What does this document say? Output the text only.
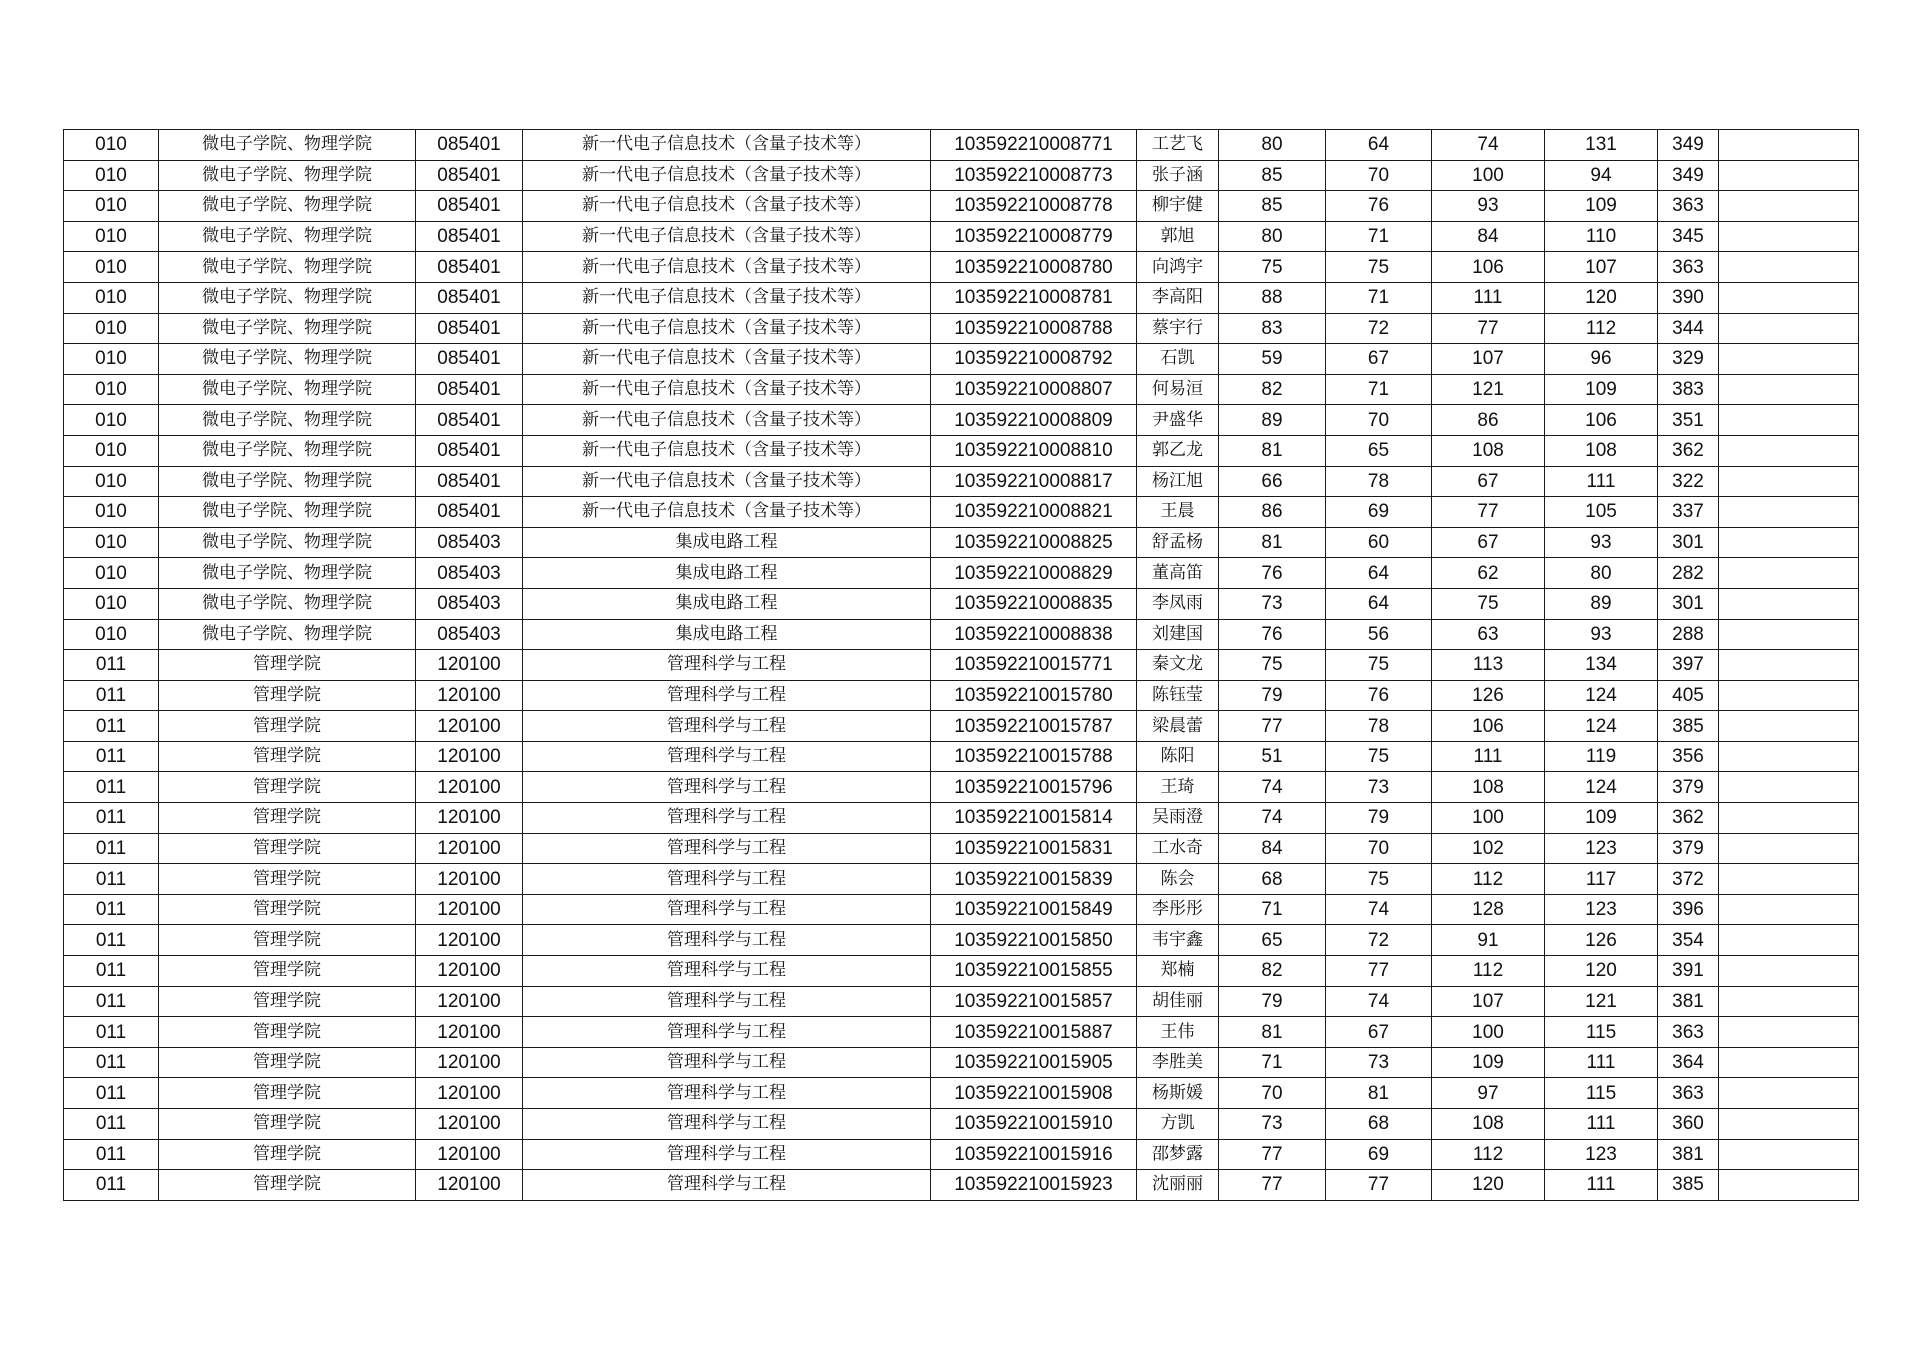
010	微电子学院、物理学院	085401	新一代电子信息技术（含量子技术等）	103592210008771	工艺飞	80	64	74	131	349	
010	微电子学院、物理学院	085401	新一代电子信息技术（含量子技术等）	103592210008773	张子涵	85	70	100	94	349	
010	微电子学院、物理学院	085401	新一代电子信息技术（含量子技术等）	103592210008778	柳宇健	85	76	93	109	363	
010	微电子学院、物理学院	085401	新一代电子信息技术（含量子技术等）	103592210008779	郭旭	80	71	84	110	345	
010	微电子学院、物理学院	085401	新一代电子信息技术（含量子技术等）	103592210008780	向鸿宇	75	75	106	107	363	
010	微电子学院、物理学院	085401	新一代电子信息技术（含量子技术等）	103592210008781	李高阳	88	71	111	120	390	
010	微电子学院、物理学院	085401	新一代电子信息技术（含量子技术等）	103592210008788	蔡宇行	83	72	77	112	344	
010	微电子学院、物理学院	085401	新一代电子信息技术（含量子技术等）	103592210008792	石凯	59	67	107	96	329	
010	微电子学院、物理学院	085401	新一代电子信息技术（含量子技术等）	103592210008807	何易洹	82	71	121	109	383	
010	微电子学院、物理学院	085401	新一代电子信息技术（含量子技术等）	103592210008809	尹盛华	89	70	86	106	351	
010	微电子学院、物理学院	085401	新一代电子信息技术（含量子技术等）	103592210008810	郭乙龙	81	65	108	108	362	
010	微电子学院、物理学院	085401	新一代电子信息技术（含量子技术等）	103592210008817	杨江旭	66	78	67	111	322	
010	微电子学院、物理学院	085401	新一代电子信息技术（含量子技术等）	103592210008821	王晨	86	69	77	105	337	
010	微电子学院、物理学院	085403	集成电路工程	103592210008825	舒孟杨	81	60	67	93	301	
010	微电子学院、物理学院	085403	集成电路工程	103592210008829	董高笛	76	64	62	80	282	
010	微电子学院、物理学院	085403	集成电路工程	103592210008835	李凤雨	73	64	75	89	301	
010	微电子学院、物理学院	085403	集成电路工程	103592210008838	刘建国	76	56	63	93	288	
011	管理学院	120100	管理科学与工程	103592210015771	秦文龙	75	75	113	134	397	
011	管理学院	120100	管理科学与工程	103592210015780	陈钰莹	79	76	126	124	405	
011	管理学院	120100	管理科学与工程	103592210015787	梁晨蕾	77	78	106	124	385	
011	管理学院	120100	管理科学与工程	103592210015788	陈阳	51	75	111	119	356	
011	管理学院	120100	管理科学与工程	103592210015796	王琦	74	73	108	124	379	
011	管理学院	120100	管理科学与工程	103592210015814	吴雨澄	74	79	100	109	362	
011	管理学院	120100	管理科学与工程	103592210015831	工水奇	84	70	102	123	379	
011	管理学院	120100	管理科学与工程	103592210015839	陈会	68	75	112	117	372	
011	管理学院	120100	管理科学与工程	103592210015849	李彤彤	71	74	128	123	396	
011	管理学院	120100	管理科学与工程	103592210015850	韦宇鑫	65	72	91	126	354	
011	管理学院	120100	管理科学与工程	103592210015855	郑楠	82	77	112	120	391	
011	管理学院	120100	管理科学与工程	103592210015857	胡佳丽	79	74	107	121	381	
011	管理学院	120100	管理科学与工程	103592210015887	王伟	81	67	100	115	363	
011	管理学院	120100	管理科学与工程	103592210015905	李胜美	71	73	109	111	364	
011	管理学院	120100	管理科学与工程	103592210015908	杨斯媛	70	81	97	115	363	
011	管理学院	120100	管理科学与工程	103592210015910	方凯	73	68	108	111	360	
011	管理学院	120100	管理科学与工程	103592210015916	邵梦露	77	69	112	123	381	
011	管理学院	120100	管理科学与工程	103592210015923	沈丽丽	77	77	120	111	385	
